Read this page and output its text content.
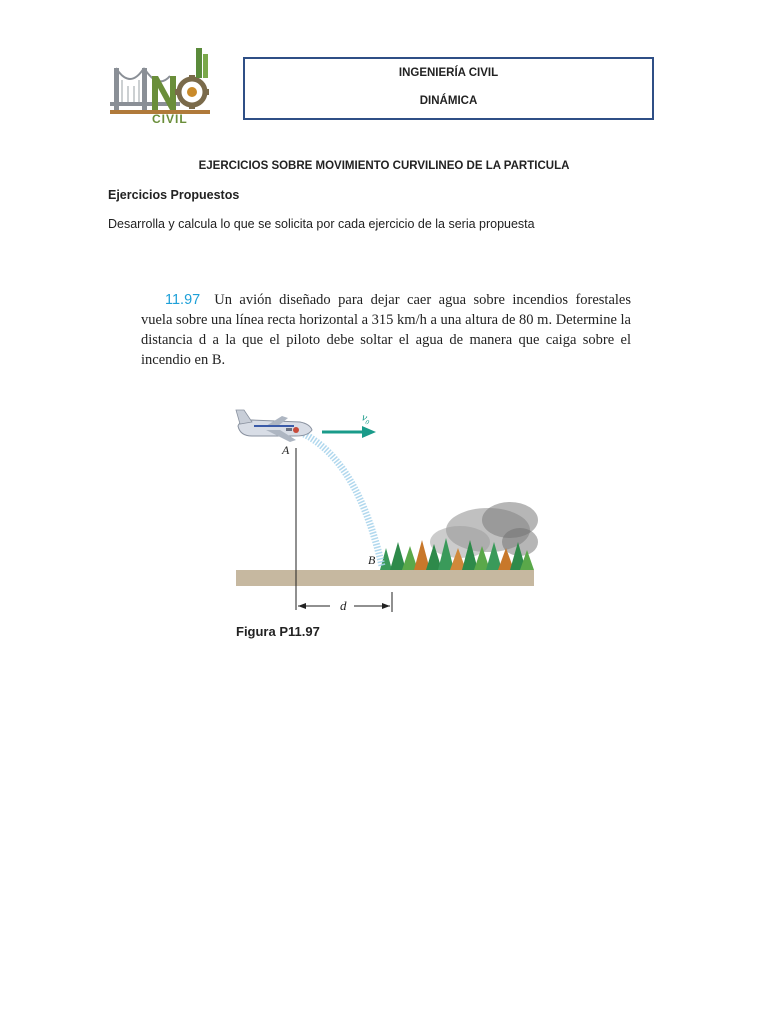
CIVIL
INGENIERÍA CIVIL
DINÁMICA
EJERCICIOS SOBRE MOVIMIENTO CURVILINEO DE LA PARTICULA
Ejercicios Propuestos
Desarrolla y calcula lo que se solicita por cada ejercicio de la seria propuesta
11.97 Un avión diseñado para dejar caer agua sobre incendios forestales vuela sobre una línea recta horizontal a 315 km/h a una altura de 80 m. Determine la distancia d a la que el piloto debe soltar el agua de manera que caiga sobre el incendio en B.
d
A
B
v₀
Figura P11.97
